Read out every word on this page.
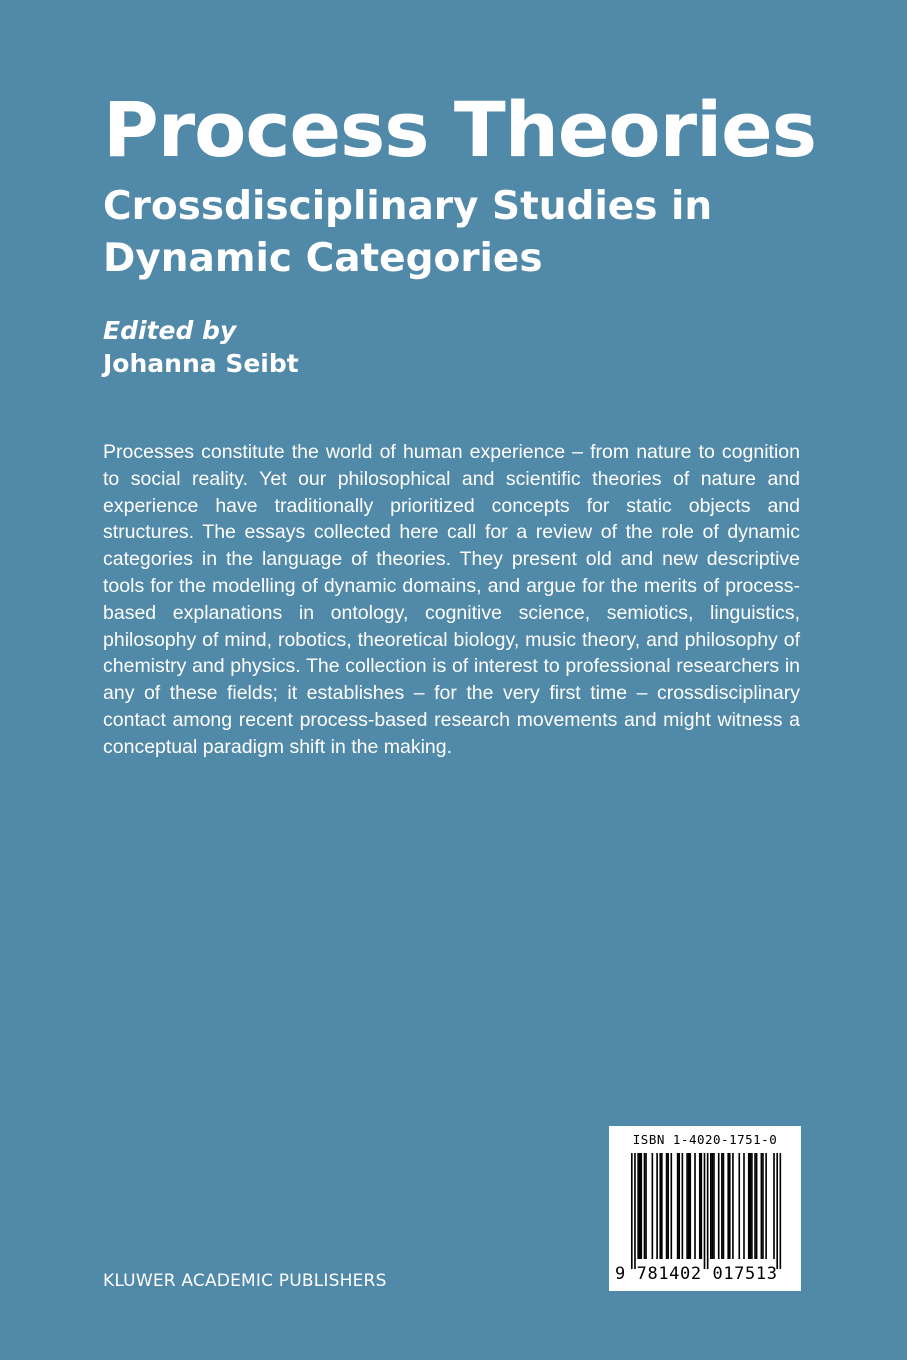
Process Theories
Crossdisciplinary Studies in Dynamic Categories
Edited by
Johanna Seibt

Processes constitute the world of human experience – from nature to cognition to social reality. Yet our philosophical and scientific theories of nature and experience have traditionally prioritized concepts for static objects and structures. The essays collected here call for a review of the role of dynamic categories in the language of theories. They present old and new descriptive tools for the modelling of dynamic domains, and argue for the merits of process-based explanations in ontology, cognitive science, semiotics, linguistics, philosophy of mind, robotics, theoretical biology, music theory, and philosophy of chemistry and physics. The collection is of interest to professional researchers in any of these fields; it establishes – for the very first time – crossdisciplinary contact among recent process-based research movements and might witness a conceptual paradigm shift in the making.

KLUWER ACADEMIC PUBLISHERS
ISBN 1-4020-1751-0
9 781402 017513
